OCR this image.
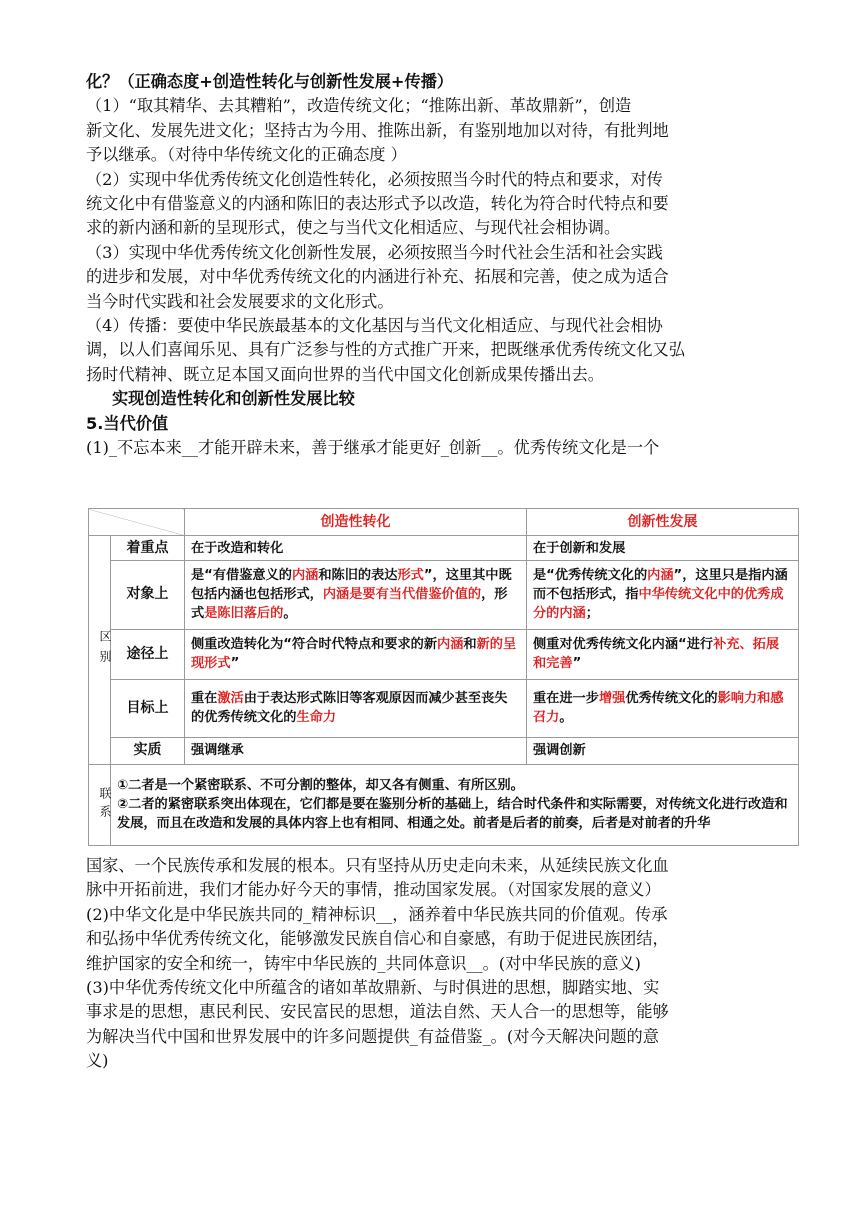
化？（正确态度+创造性转化与创新性发展+传播）
（1）“取其精华、去其糟粕”，改造传统文化；“推陈出新、革故鼎新”，创造
新文化、发展先进文化；坚持古为今用、推陈出新，有鉴别地加以对待，有批判地
予以继承。（对待中华传统文化的正确态度 ）
（2）实现中华优秀传统文化创造性转化，必须按照当今时代的特点和要求，对传
统文化中有借鉴意义的内涵和陈旧的表达形式予以改造，转化为符合时代特点和要
求的新内涵和新的呈现形式，使之与当代文化相适应、与现代社会相协调。
（3）实现中华优秀传统文化创新性发展，必须按照当今时代社会生活和社会实践
的进步和发展，对中华优秀传统文化的内涵进行补充、拓展和完善，使之成为适合
当今时代实践和社会发展要求的文化形式。
（4）传播：要使中华民族最基本的文化基因与当代文化相适应、与现代社会相协
调，以人们喜闻乐见、具有广泛参与性的方式推广开来，把既继承优秀传统文化又弘
扬时代精神、既立足本国又面向世界的当代中国文化创新成果传播出去。
实现创造性转化和创新性发展比较
5.当代价值
(1)_不忘本来__才能开辟未来，善于继承才能更好_创新__。优秀传统文化是一个
		创造性转化	创新性发展

区别	着重点	在于改造和转化	在于创新和发展
	对象上	是“有借鉴意义的内涵和陈旧的表达形式”，这里其中既包括内涵也包括形式，内涵是要有当代借鉴价值的，形式是陈旧落后的。	是“优秀传统文化的内涵”，这里只是指内涵而不包括形式，指中华传统文化中的优秀成分的内涵；
	途径上	侧重改造转化为“符合时代特点和要求的新内涵和新的呈现形式”	侧重对优秀传统文化内涵“进行补充、拓展和完善”
	目标上	重在激活由于表达形式陈旧等客观原因而减少甚至丧失的优秀传统文化的生命力	重在进一步增强优秀传统文化的影响力和感召力。
	实质	强调继承	强调创新

联系	①二者是一个紧密联系、不可分割的整体，却又各有侧重、有所区别。
②二者的紧密联系突出体现在，它们都是要在鉴别分析的基础上，结合时代条件和实际需要，对传统文化进行改造和发展，而且在改造和发展的具体内容上也有相同、相通之处。前者是后者的前奏，后者是对前者的升华		
国家、一个民族传承和发展的根本。只有坚持从历史走向未来，从延续民族文化血
脉中开拓前进，我们才能办好今天的事情，推动国家发展。（对国家发展的意义）
(2)中华文化是中华民族共同的_精神标识__，涵养着中华民族共同的价值观。传承
和弘扬中华优秀传统文化，能够激发民族自信心和自豪感，有助于促进民族团结，
维护国家的安全和统一，铸牢中华民族的_共同体意识__。(对中华民族的意义)
(3)中华优秀传统文化中所蕴含的诸如革故鼎新、与时俱进的思想，脚踏实地、实
事求是的思想，惠民利民、安民富民的思想，道法自然、天人合一的思想等，能够
为解决当代中国和世界发展中的许多问题提供_有益借鉴_。(对今天解决问题的意
义)
